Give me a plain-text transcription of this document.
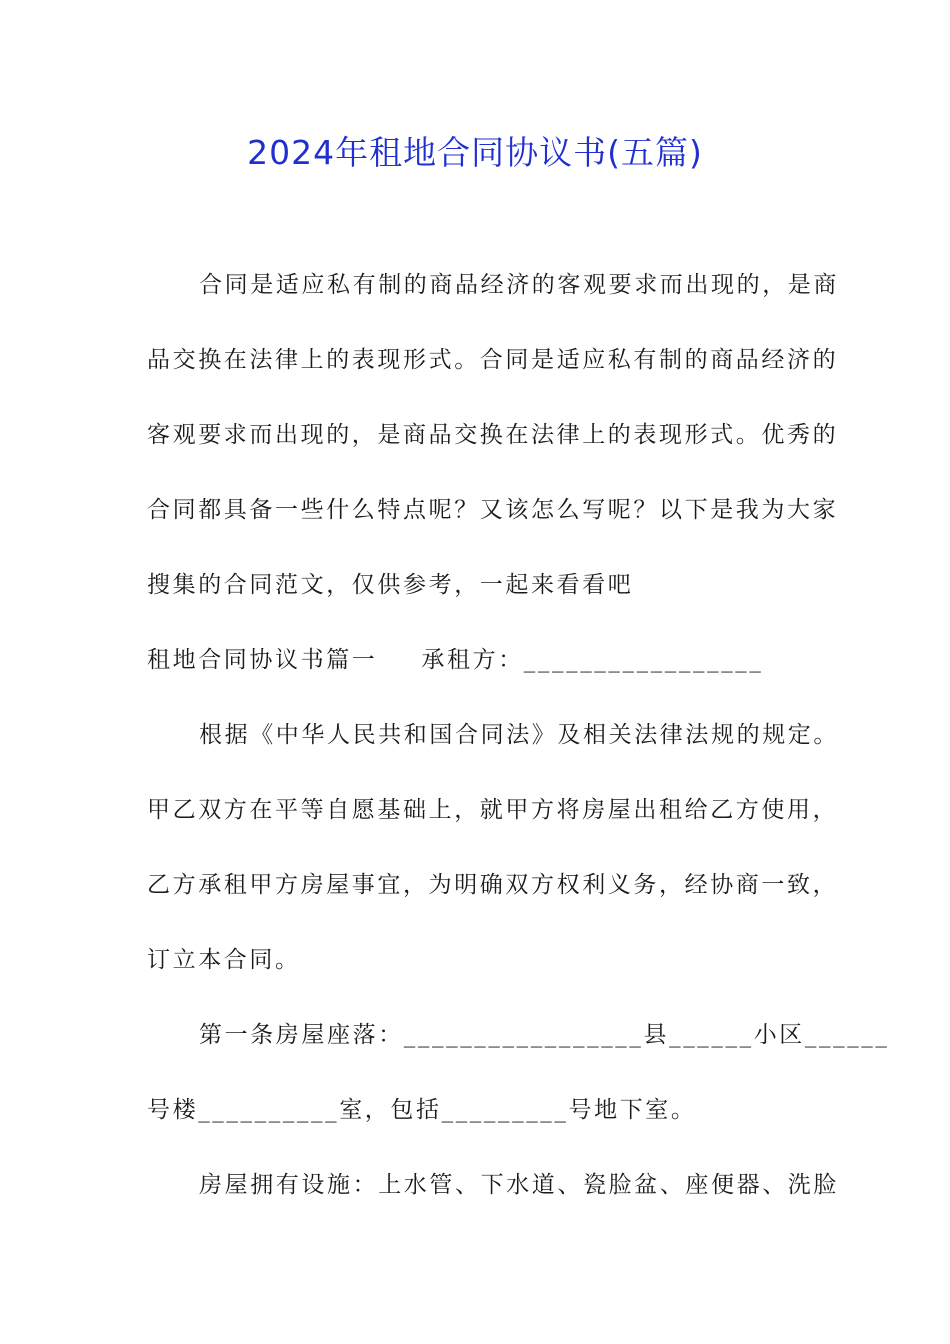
2024年租地合同协议书(五篇)
合同是适应私有制的商品经济的客观要求而出现的，是商
品交换在法律上的表现形式。合同是适应私有制的商品经济的
客观要求而出现的，是商品交换在法律上的表现形式。优秀的
合同都具备一些什么特点呢？又该怎么写呢？以下是我为大家
搜集的合同范文，仅供参考，一起来看看吧
租地合同协议书篇一 承租方：_________________
根据《中华人民共和国合同法》及相关法律法规的规定。
甲乙双方在平等自愿基础上，就甲方将房屋出租给乙方使用，
乙方承租甲方房屋事宜，为明确双方权利义务，经协商一致，
订立本合同。
第一条房屋座落：_________________县______小区______
号楼__________室，包括_________号地下室。
房屋拥有设施：上水管、下水道、瓷脸盆、座便器、洗脸
